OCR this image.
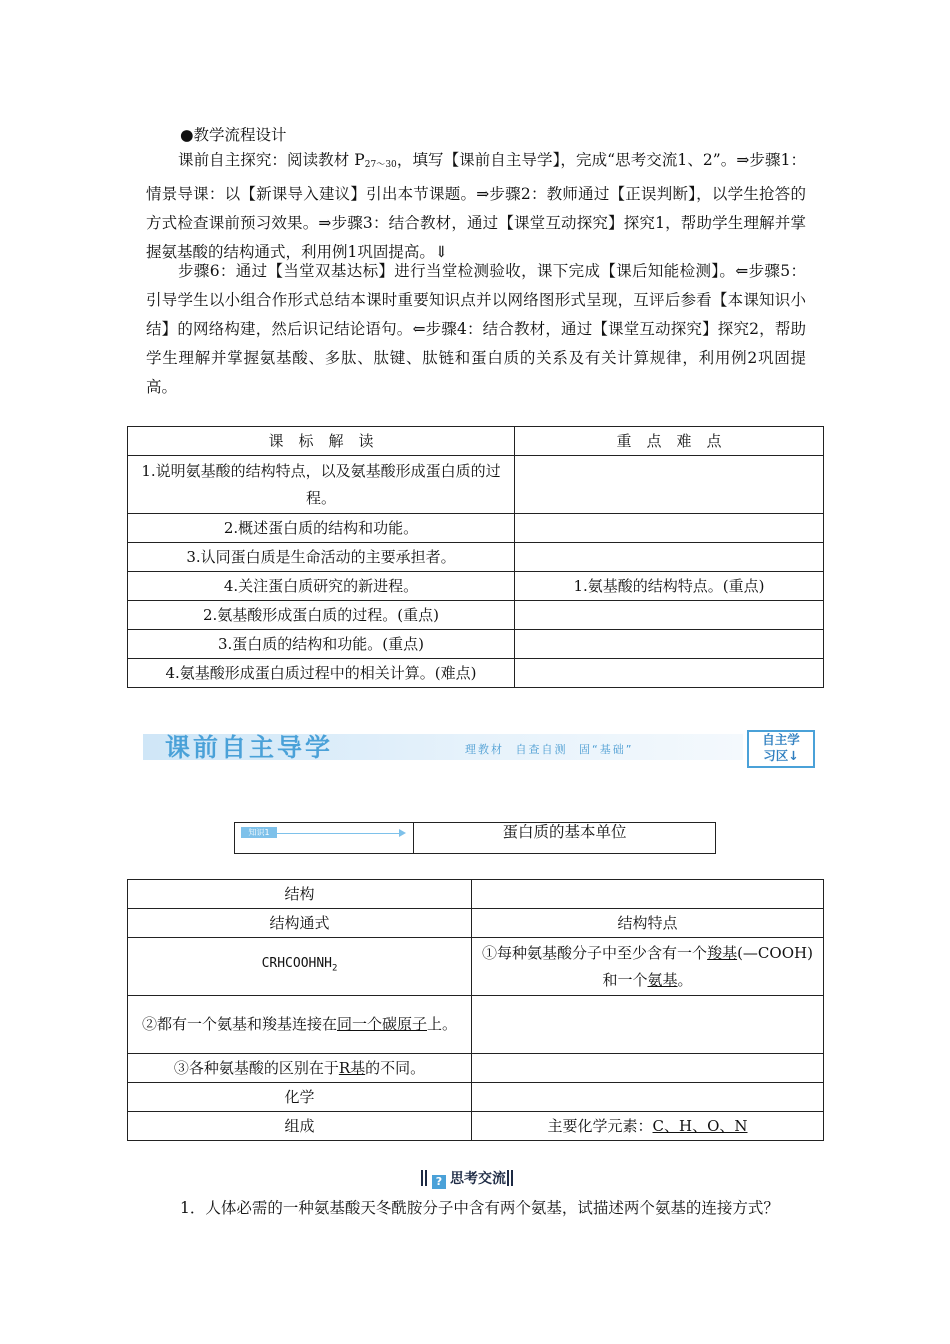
●教学流程设计
课前自主探究：阅读教材 $P_{27\sim 30}$，填写【课前自主导学】，完成“思考交流1、2”。⇒步骤1：情景导课：以【新课导入建议】引出本节课题。⇒步骤2：教师通过【正误判断】，以学生抢答的方式检查课前预习效果。⇒步骤3：结合教材，通过【课堂互动探究】探究1，帮助学生理解并掌握氨基酸的结构通式，利用例1巩固提高。⇓
步骤6：通过【当堂双基达标】进行当堂检测验收，课下完成【课后知能检测】。⇐步骤5：引导学生以小组合作形式总结本课时重要知识点并以网络图形式呈现，互评后参看【本课知识小结】的网络构建，然后识记结论语句。⇐步骤4：结合教材，通过【课堂互动探究】探究2，帮助学生理解并掌握氨基酸、多肽、肽键、肽链和蛋白质的关系及有关计算规律，利用例2巩固提高。
课　标　解　读	重　点　难　点
1.说明氨基酸的结构特点，以及氨基酸形成蛋白质的过程。	
2.概述蛋白质的结构和功能。	
3.认同蛋白质是生命活动的主要承担者。	
4.关注蛋白质研究的新进程。	1.氨基酸的结构特点。(重点)
2.氨基酸形成蛋白质的过程。(重点)	
3.蛋白质的结构和功能。(重点)	
4.氨基酸形成蛋白质过程中的相关计算。(难点)	
课前自主导学	理教材 自查自测 固“基础”
自主学
习区↓
知识1	蛋白质的基本单位
结构	
结构通式	结构特点
$CRHCOOHNH_2$	①每种氨基酸分子中至少含有一个羧基(—COOH)和一个氨基。
②都有一个氨基和羧基连接在同一个碳原子上。	
③各种氨基酸的区别在于R基的不同。	
化学	
组成	主要化学元素：C、H、O、N
? 思考交流
1．人体必需的一种氨基酸天冬酰胺分子中含有两个氨基，试描述两个氨基的连接方式？
